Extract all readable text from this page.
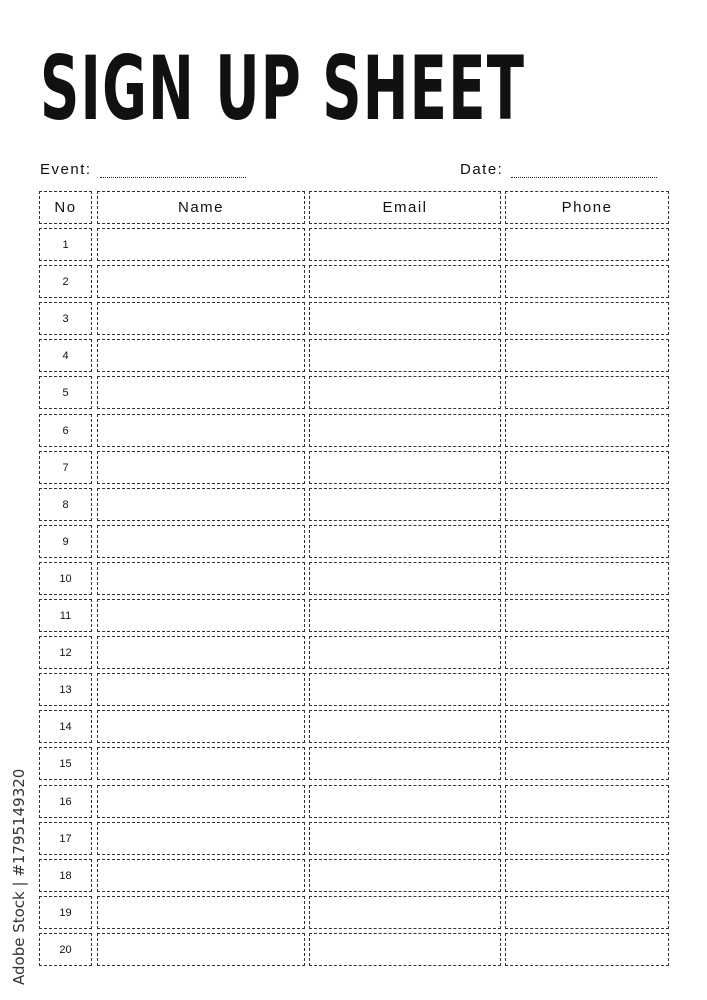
SIGN UP SHEET
Event:	Date:
No	Name	Email	Phone
1
2
3
4
5
6
7
8
9
10
11
12
13
14
15
16
17
18
19
20
Adobe Stock | #1795149320
